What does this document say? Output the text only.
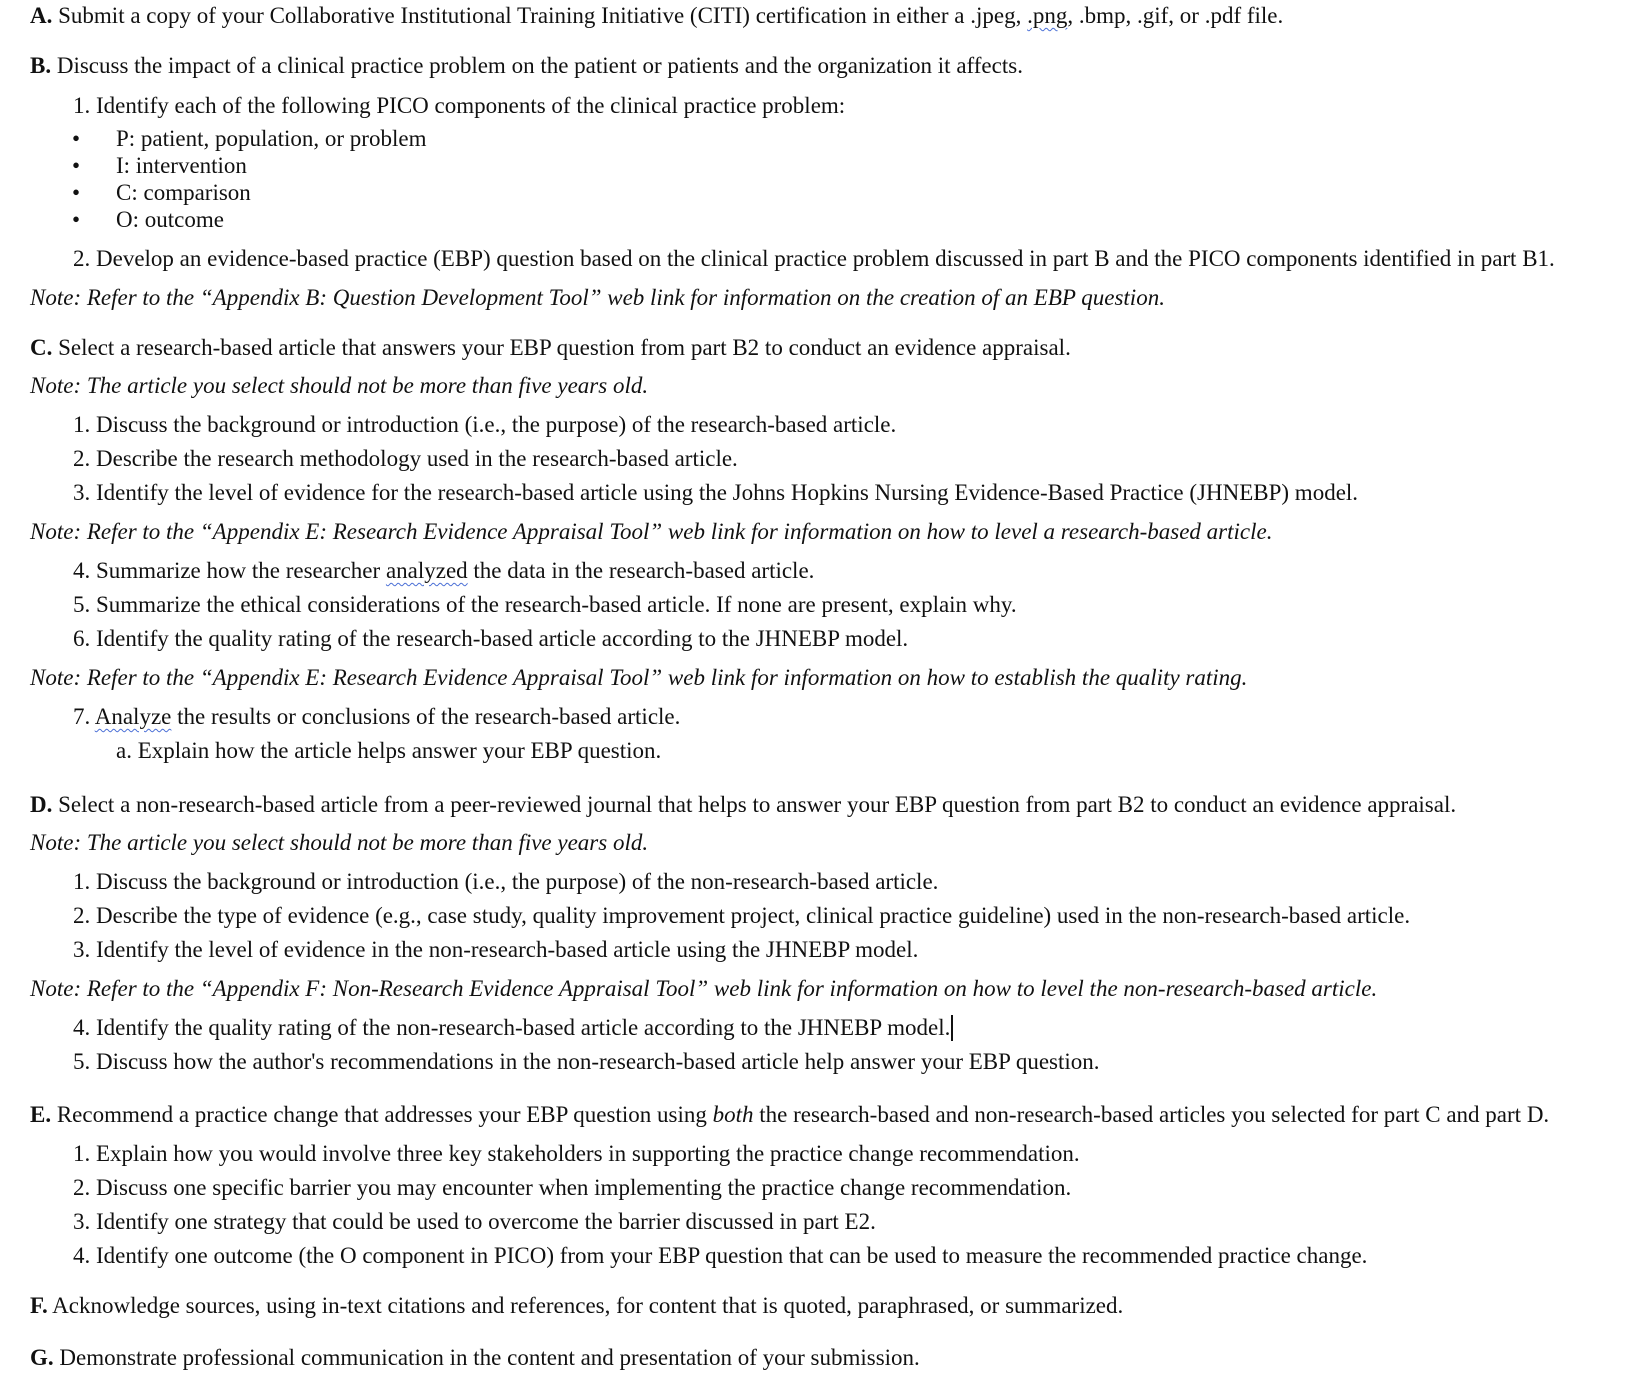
A. Submit a copy of your Collaborative Institutional Training Initiative (CITI) certification in either a .jpeg, .png, .bmp, .gif, or .pdf file.
B. Discuss the impact of a clinical practice problem on the patient or patients and the organization it affects.
1. Identify each of the following PICO components of the clinical practice problem:
• P: patient, population, or problem
• I: intervention
• C: comparison
• O: outcome
2. Develop an evidence-based practice (EBP) question based on the clinical practice problem discussed in part B and the PICO components identified in part B1.
Note: Refer to the “Appendix B: Question Development Tool” web link for information on the creation of an EBP question.
C. Select a research-based article that answers your EBP question from part B2 to conduct an evidence appraisal.
Note: The article you select should not be more than five years old.
1. Discuss the background or introduction (i.e., the purpose) of the research-based article.
2. Describe the research methodology used in the research-based article.
3. Identify the level of evidence for the research-based article using the Johns Hopkins Nursing Evidence-Based Practice (JHNEBP) model.
Note: Refer to the “Appendix E: Research Evidence Appraisal Tool” web link for information on how to level a research-based article.
4. Summarize how the researcher analyzed the data in the research-based article.
5. Summarize the ethical considerations of the research-based article. If none are present, explain why.
6. Identify the quality rating of the research-based article according to the JHNEBP model.
Note: Refer to the “Appendix E: Research Evidence Appraisal Tool” web link for information on how to establish the quality rating.
7. Analyze the results or conclusions of the research-based article.
a. Explain how the article helps answer your EBP question.
D. Select a non-research-based article from a peer-reviewed journal that helps to answer your EBP question from part B2 to conduct an evidence appraisal.
Note: The article you select should not be more than five years old.
1. Discuss the background or introduction (i.e., the purpose) of the non-research-based article.
2. Describe the type of evidence (e.g., case study, quality improvement project, clinical practice guideline) used in the non-research-based article.
3. Identify the level of evidence in the non-research-based article using the JHNEBP model.
Note: Refer to the “Appendix F: Non-Research Evidence Appraisal Tool” web link for information on how to level the non-research-based article.
4. Identify the quality rating of the non-research-based article according to the JHNEBP model.
5. Discuss how the author's recommendations in the non-research-based article help answer your EBP question.
E. Recommend a practice change that addresses your EBP question using both the research-based and non-research-based articles you selected for part C and part D.
1. Explain how you would involve three key stakeholders in supporting the practice change recommendation.
2. Discuss one specific barrier you may encounter when implementing the practice change recommendation.
3. Identify one strategy that could be used to overcome the barrier discussed in part E2.
4. Identify one outcome (the O component in PICO) from your EBP question that can be used to measure the recommended practice change.
F. Acknowledge sources, using in-text citations and references, for content that is quoted, paraphrased, or summarized.
G. Demonstrate professional communication in the content and presentation of your submission.
